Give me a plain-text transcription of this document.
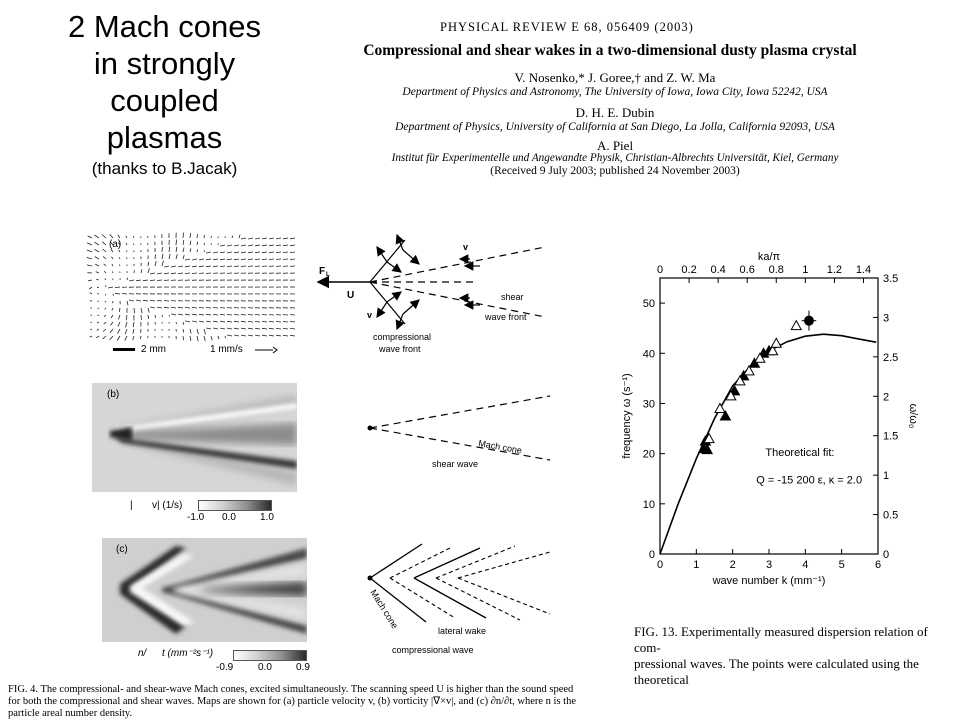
2 Mach cones
in strongly
coupled
plasmas
(thanks to B.Jacak)
PHYSICAL REVIEW E 68, 056409 (2003)
Compressional and shear wakes in a two-dimensional dusty plasma crystal
V. Nosenko,* J. Goree,† and Z. W. Ma
Department of Physics and Astronomy, The University of Iowa, Iowa City, Iowa 52242, USA
D. H. E. Dubin
Department of Physics, University of California at San Diego, La Jolla, California 92093, USA
A. Piel
Institut für Experimentelle und Angewandte Physik, Christian-Albrechts Universität, Kiel, Germany
(Received 9 July 2003; published 24 November 2003)
(a)
2 mm	1 mm/s
(b)
| v| (1/s)
-1.0 0.0 1.0
(c)
n/ t (mm⁻²s⁻¹)
-0.9 0.0 0.9
F L
U
v
v
shear
wave front
compressional
wave front
Mach cone
shear wave
Mach cone
lateral wake
compressional wave
FIG. 4. The compressional- and shear-wave Mach cones, excited simultaneously. The scanning speed U is higher than the sound speed
for both the compressional and shear waves. Maps are shown for (a) particle velocity v, (b) vorticity |∇×v|, and (c) ∂n/∂t, where n is the
particle areal number density.
0	1	2	3	4	5	6
0
10
20
30
40
50
0 0.2 0.4 0.6 0.8 1 1.2 1.4
0
0.5
1
1.5
2
2.5
3
3.5
wave number k (mm⁻¹)
frequency ω (s⁻¹)
ka/π
ω/ω₀
Theoretical fit:
Q = -15 200 ε, κ = 2.0
FIG. 13. Experimentally measured dispersion relation of com-
pressional waves. The points were calculated using the theoretical
